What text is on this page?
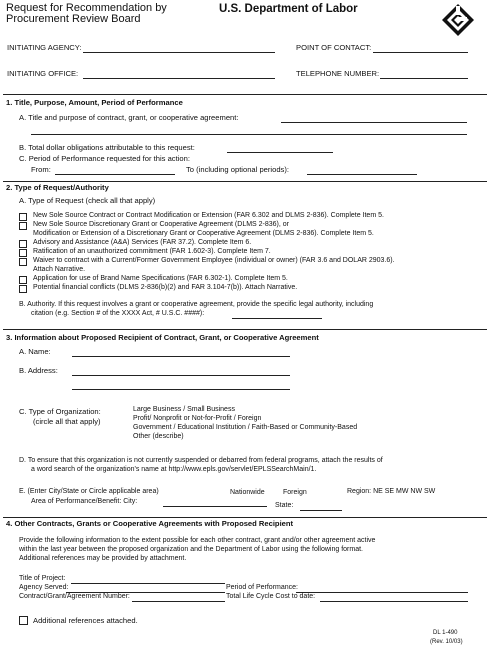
Request for Recommendation by
Procurement Review Board
U.S. Department of Labor
INITIATING AGENCY:	POINT OF CONTACT:
INITIATING OFFICE:	TELEPHONE NUMBER:
1. Title, Purpose, Amount, Period of Performance
A. Title and purpose of contract, grant, or cooperative agreement:
B. Total dollar obligations attributable to this request:
C. Period of Performance requested for this action:
From:	To (including optional periods):
2. Type of Request/Authority
A. Type of Request (check all that apply)
New Sole Source Contract or Contract Modification or Extension (FAR 6.302 and DLMS 2-836). Complete Item 5.
New Sole Source Discretionary Grant or Cooperative Agreement (DLMS 2-836), or
Modification or Extension of a Discretionary Grant or Cooperative Agreement (DLMS 2-836). Complete Item 5.
Advisory and Assistance (A&A) Services (FAR 37.2). Complete Item 6.
Ratification of an unauthorized commitment (FAR 1.602-3). Complete Item 7.
Waiver to contract with a Current/Former Government Employee (individual or owner) (FAR 3.6 and DOLAR 2903.6).
Attach Narrative.
Application for use of Brand Name Specifications (FAR 6.302-1). Complete Item 5.
Potential financial conflicts (DLMS 2-836(b)(2) and FAR 3.104-7(b)). Attach Narrative.
B. Authority. If this request involves a grant or cooperative agreement, provide the specific legal authority, including
citation (e.g. Section # of the XXXX Act, # U.S.C. ####):
3. Information about Proposed Recipient of Contract, Grant, or Cooperative Agreement
A. Name:
B. Address:
C. Type of Organization:
(circle all that apply)
Large Business / Small Business
Profit/ Nonprofit or Not-for-Profit / Foreign
Government / Educational Institution / Faith-Based or Community-Based
Other (describe)
D. To ensure that this organization is not currently suspended or debarred from federal programs, attach the results of
a word search of the organization's name at http://www.epls.gov/servlet/EPLSSearchMain/1.
E. (Enter City/State or Circle applicable area)	Nationwide	Foreign	Region: NE SE MW NW SW
Area of Performance/Benefit: City:
State:
4. Other Contracts, Grants or Cooperative Agreements with Proposed Recipient
Provide the following information to the extent possible for each other contract, grant and/or other agreement active
within the last year between the proposed organization and the Department of Labor using the following format.
Additional references may be provided by attachment.
Title of Project:
Agency Served:	Period of Performance:
Contract/Grant/Agreement Number:	Total Life Cycle Cost to date:
Additional references attached.
DL 1-490
(Rev. 10/03)
